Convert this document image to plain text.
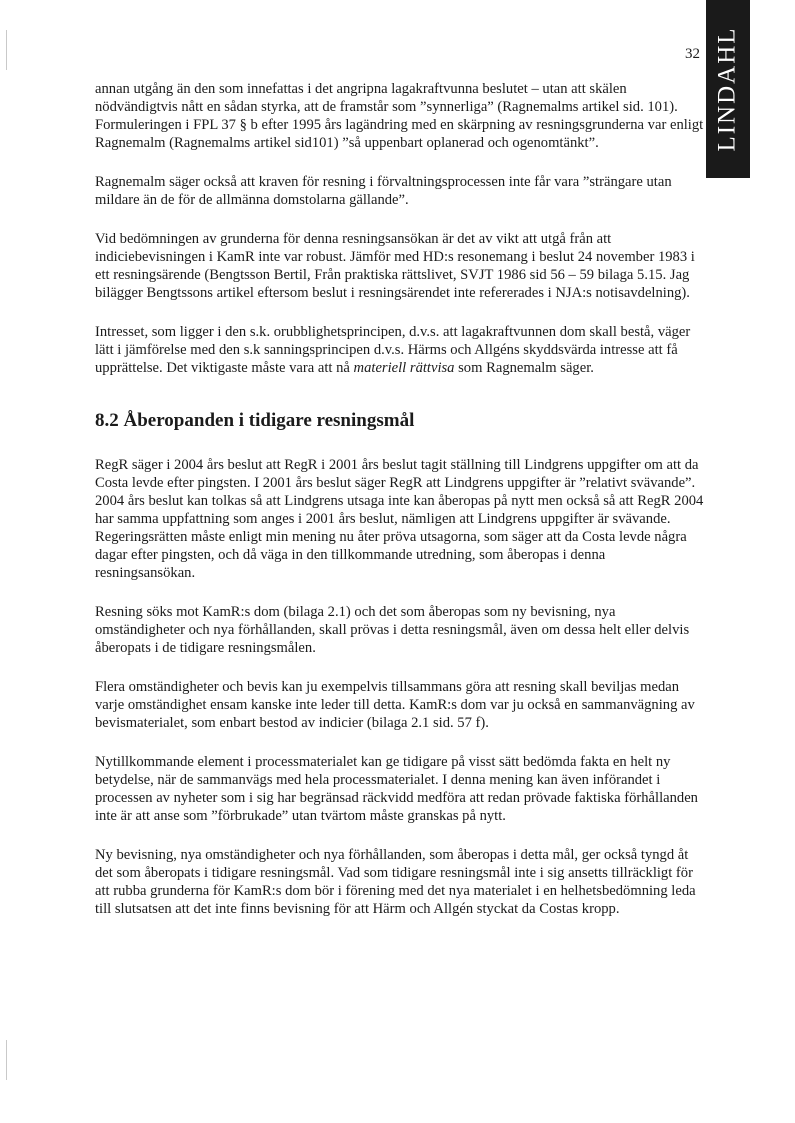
32 LINDAHL

annan utgång än den som innefattas i det angripna lagakraftvunna beslutet – utan att skälen nödvändigtvis nått en sådan styrka, att de framstår som ”synnerliga” (Ragnemalms artikel sid. 101). Formuleringen i FPL 37 § b efter 1995 års lagändring med en skärpning av resningsgrunderna var enligt Ragnemalm (Ragnemalms artikel sid101) ”så uppenbart oplanerad och ogenomtänkt”.

Ragnemalm säger också att kraven för resning i förvaltningsprocessen inte får vara ”strängare utan mildare än de för de allmänna domstolarna gällande”.

Vid bedömningen av grunderna för denna resningsansökan är det av vikt att utgå från att indiciebevisningen i KamR inte var robust. Jämför med HD:s resonemang i beslut 24 november 1983 i ett resningsärende (Bengtsson Bertil, Från praktiska rättslivet, SVJT 1986 sid 56 – 59 bilaga 5.15. Jag bilägger Bengtssons artikel eftersom beslut i resningsärendet inte refererades i NJA:s notisavdelning).

Intresset, som ligger i den s.k. orubblighetsprincipen, d.v.s. att lagakraftvunnen dom skall bestå, väger lätt i jämförelse med den s.k sanningsprincipen d.v.s. Härms och Allgéns skyddsvärda intresse att få upprättelse. Det viktigaste måste vara att nå materiell rättvisa som Ragnemalm säger.

8.2 Åberopanden i tidigare resningsmål

RegR säger i 2004 års beslut att RegR i 2001 års beslut tagit ställning till Lindgrens uppgifter om att da Costa levde efter pingsten. I 2001 års beslut säger RegR att Lindgrens uppgifter är ”relativt svävande”. 2004 års beslut kan tolkas så att Lindgrens utsaga inte kan åberopas på nytt men också så att RegR 2004 har samma uppfattning som anges i 2001 års beslut, nämligen att Lindgrens uppgifter är svävande. Regeringsrätten måste enligt min mening nu åter pröva utsagorna, som säger att da Costa levde några dagar efter pingsten, och då väga in den tillkommande utredning, som åberopas i denna resningsansökan.

Resning söks mot KamR:s dom (bilaga 2.1) och det som åberopas som ny bevisning, nya omständigheter och nya förhållanden, skall prövas i detta resningsmål, även om dessa helt eller delvis åberopats i de tidigare resningsmålen.

Flera omständigheter och bevis kan ju exempelvis tillsammans göra att resning skall beviljas medan varje omständighet ensam kanske inte leder till detta. KamR:s dom var ju också en sammanvägning av bevismaterialet, som enbart bestod av indicier (bilaga 2.1 sid. 57 f).

Nytillkommande element i processmaterialet kan ge tidigare på visst sätt bedömda fakta en helt ny betydelse, när de sammanvägs med hela processmaterialet. I denna mening kan även införandet i processen av nyheter som i sig har begränsad räckvidd medföra att redan prövade faktiska förhållanden inte är att anse som ”förbrukade” utan tvärtom måste granskas på nytt.

Ny bevisning, nya omständigheter och nya förhållanden, som åberopas i detta mål, ger också tyngd åt det som åberopats i tidigare resningsmål. Vad som tidigare resningsmål inte i sig ansetts tillräckligt för att rubba grunderna för KamR:s dom bör i förening med det nya materialet i en helhetsbedömning leda till slutsatsen att det inte finns bevisning för att Härm och Allgén styckat da Costas kropp.
